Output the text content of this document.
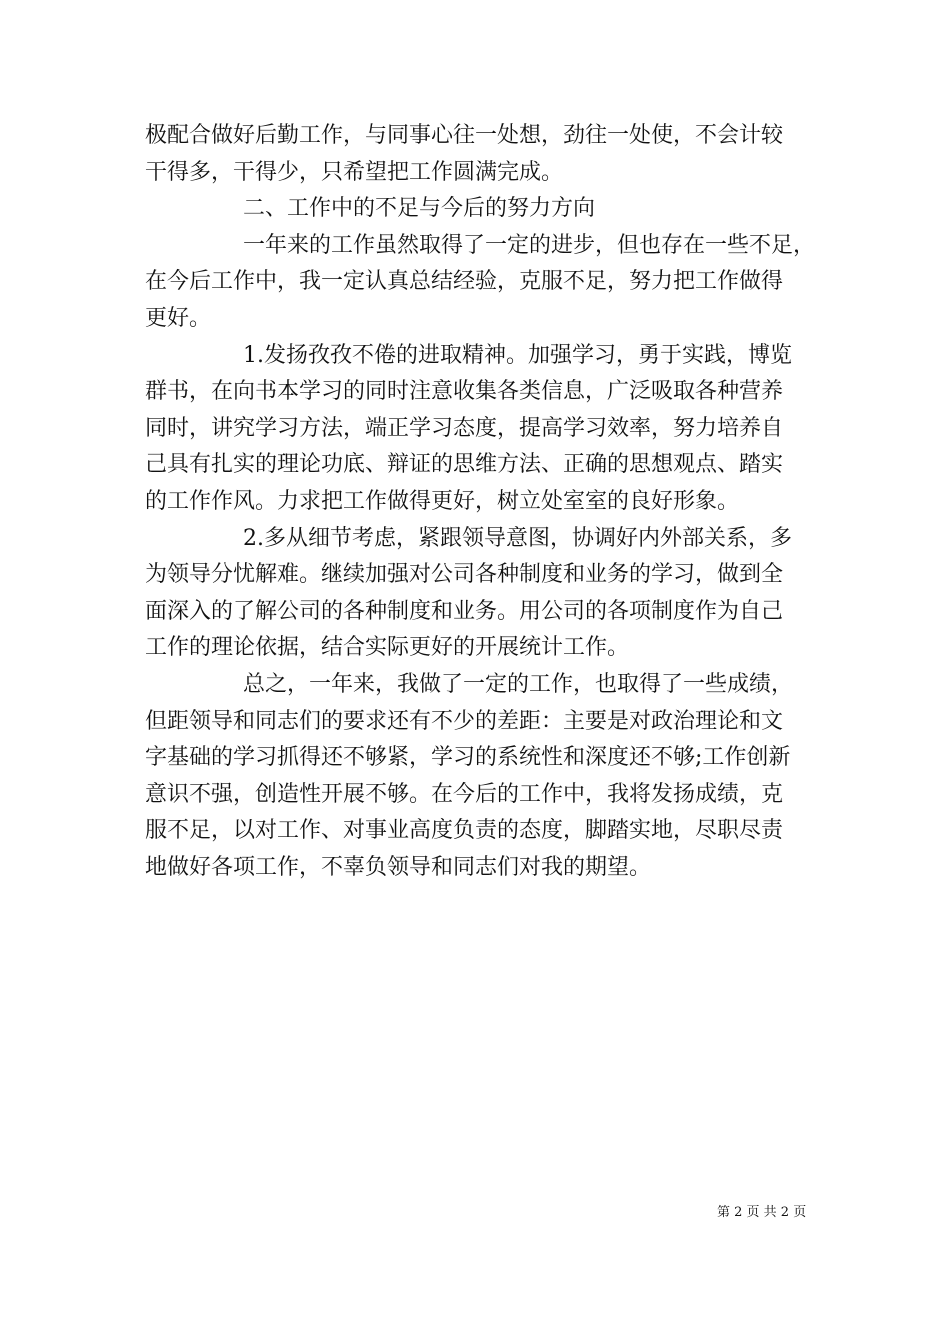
极配合做好后勤工作，与同事心往一处想，劲往一处使，不会计较
干得多，干得少，只希望把工作圆满完成。
二、工作中的不足与今后的努力方向
一年来的工作虽然取得了一定的进步，但也存在一些不足，
在今后工作中，我一定认真总结经验，克服不足，努力把工作做得
更好。
1.发扬孜孜不倦的进取精神。加强学习，勇于实践，博览
群书，在向书本学习的同时注意收集各类信息，广泛吸取各种营养
同时，讲究学习方法，端正学习态度，提高学习效率，努力培养自
己具有扎实的理论功底、辩证的思维方法、正确的思想观点、踏实
的工作作风。力求把工作做得更好，树立处室室的良好形象。
2.多从细节考虑，紧跟领导意图，协调好内外部关系，多
为领导分忧解难。继续加强对公司各种制度和业务的学习，做到全
面深入的了解公司的各种制度和业务。用公司的各项制度作为自己
工作的理论依据，结合实际更好的开展统计工作。
总之，一年来，我做了一定的工作，也取得了一些成绩，
但距领导和同志们的要求还有不少的差距：主要是对政治理论和文
字基础的学习抓得还不够紧，学习的系统性和深度还不够;工作创新
意识不强，创造性开展不够。在今后的工作中，我将发扬成绩，克
服不足，以对工作、对事业高度负责的态度，脚踏实地，尽职尽责
地做好各项工作，不辜负领导和同志们对我的期望。
第 2 页 共 2 页
